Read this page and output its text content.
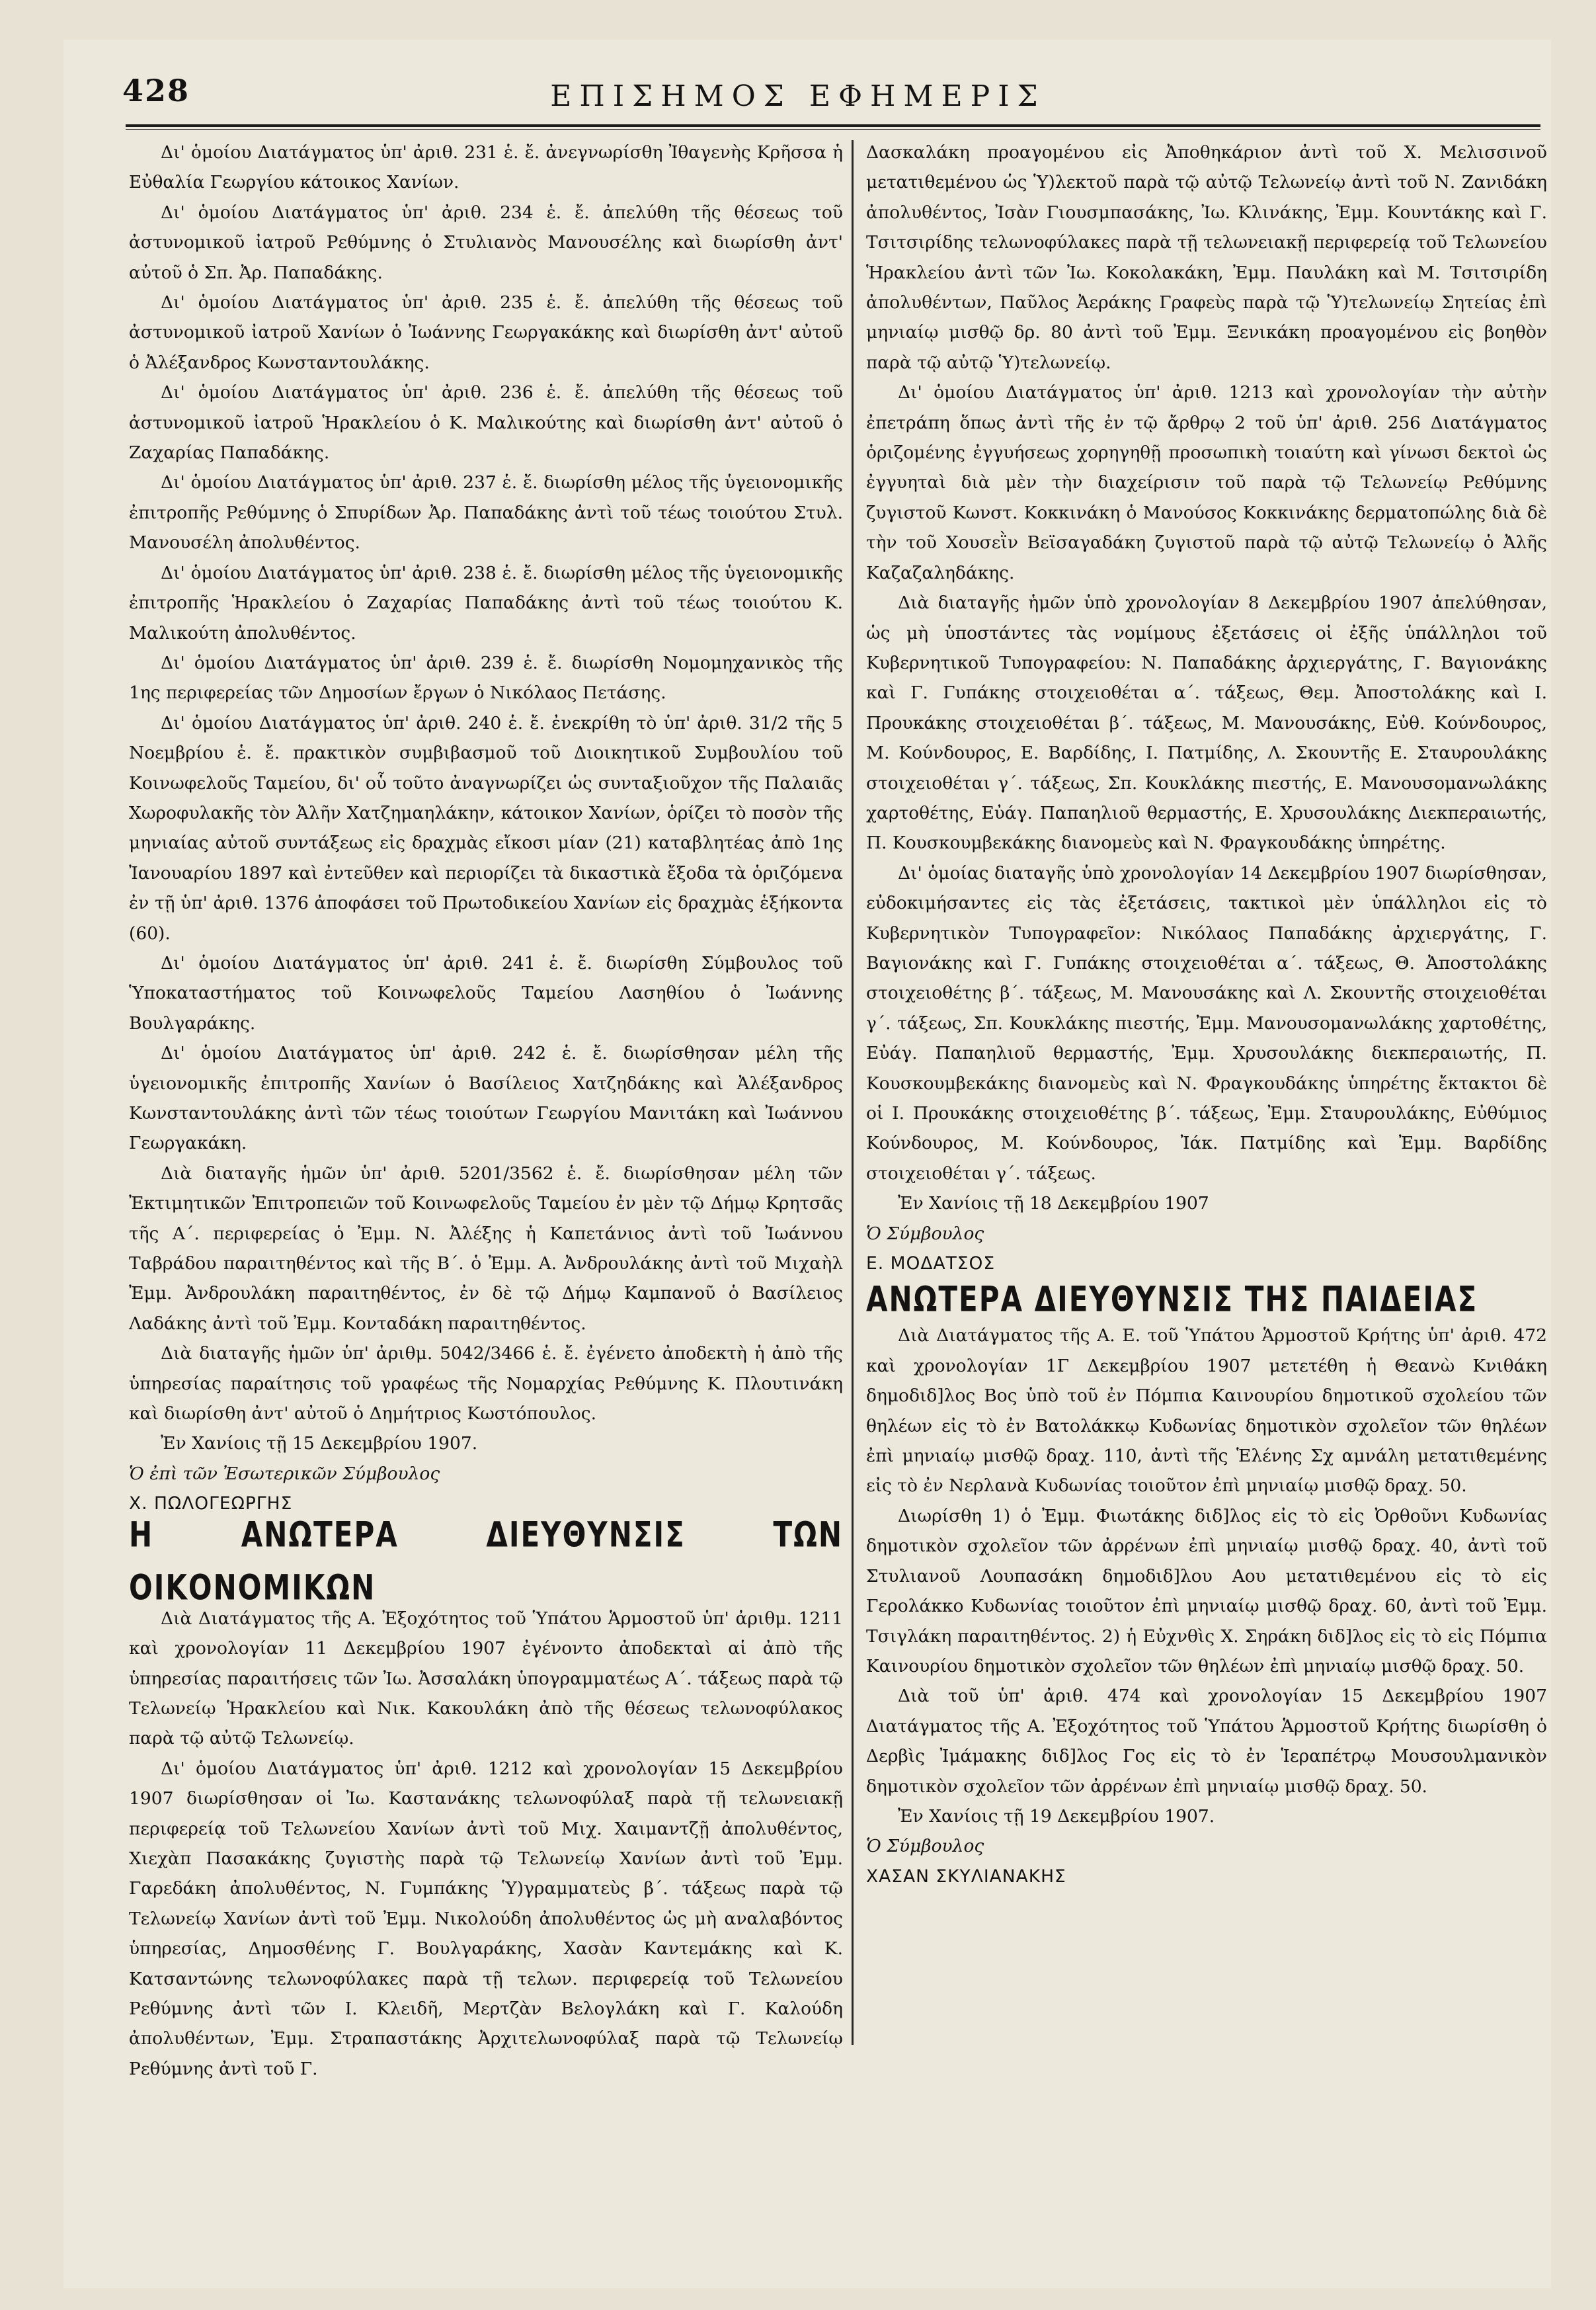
428	ΕΠΙΣΗΜΟΣ ΕΦΗΜΕΡΙΣ

Δι' ὁμοίου Διατάγματος ὑπ' ἀριθ. 231 ἑ. ἔ. ἀνεγνωρίσθη Ἰθαγενὴς Κρῆσσα ἡ Εὐθαλία Γεωργίου κάτοικος Χανίων.

Δι' ὁμοίου Διατάγματος ὑπ' ἀριθ. 234 ἑ. ἔ. ἀπελύθη τῆς θέσεως τοῦ ἀστυνομικοῦ ἰατροῦ Ρεθύμνης ὁ Στυλιανὸς Μανουσέλης καὶ διωρίσθη ἀντ' αὐτοῦ ὁ Σπ. Ἀρ. Παπαδάκης.

Δι' ὁμοίου Διατάγματος ὑπ' ἀριθ. 235 ἑ. ἔ. ἀπελύθη τῆς θέσεως τοῦ ἀστυνομικοῦ ἰατροῦ Χανίων ὁ Ἰωάννης Γεωργακάκης καὶ διωρίσθη ἀντ' αὐτοῦ ὁ Ἀλέξανδρος Κωνσταντουλάκης.

Δι' ὁμοίου Διατάγματος ὑπ' ἀριθ. 236 ἑ. ἔ. ἀπελύθη τῆς θέσεως τοῦ ἀστυνομικοῦ ἰατροῦ Ἡρακλείου ὁ Κ. Μαλικούτης καὶ διωρίσθη ἀντ' αὐτοῦ ὁ Ζαχαρίας Παπαδάκης.

Δι' ὁμοίου Διατάγματος ὑπ' ἀριθ. 237 ἑ. ἔ. διωρίσθη μέλος τῆς ὑγειονομικῆς ἐπιτροπῆς Ρεθύμνης ὁ Σπυρίδων Ἀρ. Παπαδάκης ἀντὶ τοῦ τέως τοιούτου Στυλ. Μανουσέλη ἀπολυθέντος.

Δι' ὁμοίου Διατάγματος ὑπ' ἀριθ. 238 ἑ. ἔ. διωρίσθη μέλος τῆς ὑγειονομικῆς ἐπιτροπῆς Ἡρακλείου ὁ Ζαχαρίας Παπαδάκης ἀντὶ τοῦ τέως τοιούτου Κ. Μαλικούτη ἀπολυθέντος.

Δι' ὁμοίου Διατάγματος ὑπ' ἀριθ. 239 ἑ. ἔ. διωρίσθη Νομομηχανικὸς τῆς 1ης περιφερείας τῶν Δημοσίων ἔργων ὁ Νικόλαος Πετάσης.

Δι' ὁμοίου Διατάγματος ὑπ' ἀριθ. 240 ἑ. ἔ. ἐνεκρίθη τὸ ὑπ' ἀριθ. 31/2 τῆς 5 Νοεμβρίου ἑ. ἔ. πρακτικὸν συμβιβασμοῦ τοῦ Διοικητικοῦ Συμβουλίου τοῦ Κοινωφελοῦς Ταμείου, δι' οὗ τοῦτο ἀναγνωρίζει ὡς συνταξιοῦχον τῆς Παλαιᾶς Χωροφυλακῆς τὸν Ἀλῆν Χατζημαηλάκην, κάτοικον Χανίων, ὁρίζει τὸ ποσὸν τῆς μηνιαίας αὐτοῦ συντάξεως εἰς δραχμὰς εἴκοσι μίαν (21) καταβλητέας ἀπὸ 1ης Ἰανουαρίου 1897 καὶ ἐντεῦθεν καὶ περιορίζει τὰ δικαστικὰ ἔξοδα τὰ ὁριζόμενα ἐν τῇ ὑπ' ἀριθ. 1376 ἀποφάσει τοῦ Πρωτοδικείου Χανίων εἰς δραχμὰς ἑξήκοντα (60).

Δι' ὁμοίου Διατάγματος ὑπ' ἀριθ. 241 ἑ. ἔ. διωρίσθη Σύμβουλος τοῦ Ὑποκαταστήματος τοῦ Κοινωφελοῦς Ταμείου Λασηθίου ὁ Ἰωάννης Βουλγαράκης.

Δι' ὁμοίου Διατάγματος ὑπ' ἀριθ. 242 ἑ. ἔ. διωρίσθησαν μέλη τῆς ὑγειονομικῆς ἐπιτροπῆς Χανίων ὁ Βασίλειος Χατζηδάκης καὶ Ἀλέξανδρος Κωνσταντουλάκης ἀντὶ τῶν τέως τοιούτων Γεωργίου Μανιτάκη καὶ Ἰωάννου Γεωργακάκη.

Διὰ διαταγῆς ἡμῶν ὑπ' ἀριθ. 5201/3562 ἑ. ἔ. διωρίσθησαν μέλη τῶν Ἐκτιμητικῶν Ἐπιτροπειῶν τοῦ Κοινωφελοῦς Ταμείου ἐν μὲν τῷ Δήμῳ Κρητσᾶς τῆς Α΄. περιφερείας ὁ Ἐμμ. Ν. Ἀλέξης ἡ Καπετάνιος ἀντὶ τοῦ Ἰωάννου Ταβράδου παραιτηθέντος καὶ τῆς Β΄. ὁ Ἐμμ. Α. Ἀνδρουλάκης ἀντὶ τοῦ Μιχαὴλ Ἐμμ. Ἀνδρουλάκη παραιτηθέντος, ἐν δὲ τῷ Δήμῳ Καμπανοῦ ὁ Βασίλειος Λαδάκης ἀντὶ τοῦ Ἐμμ. Κονταδάκη παραιτηθέντος.

Διὰ διαταγῆς ἡμῶν ὑπ' ἀριθμ. 5042/3466 ἑ. ἔ. ἐγένετο ἀποδεκτὴ ἡ ἀπὸ τῆς ὑπηρεσίας παραίτησις τοῦ γραφέως τῆς Νομαρχίας Ρεθύμνης Κ. Πλουτινάκη καὶ διωρίσθη ἀντ' αὐτοῦ ὁ Δημήτριος Κωστόπουλος.

Ἐν Χανίοις τῇ 15 Δεκεμβρίου 1907.

Ὁ ἐπὶ τῶν Ἐσωτερικῶν Σύμβουλος
Χ. ΠΩΛΟΓΕΩΡΓΗΣ

Η ΑΝΩΤΕΡΑ ΔΙΕΥΘΥΝΣΙΣ ΤΩΝ ΟΙΚΟΝΟΜΙΚΩΝ

Διὰ Διατάγματος τῆς Α. Ἐξοχότητος τοῦ Ὑπάτου Ἁρμοστοῦ ὑπ' ἀριθμ. 1211 καὶ χρονολογίαν 11 Δεκεμβρίου 1907 ἐγένοντο ἀποδεκταὶ αἱ ἀπὸ τῆς ὑπηρεσίας παραιτήσεις τῶν Ἰω. Ἀσσαλάκη ὑπογραμματέως Α΄. τάξεως παρὰ τῷ Τελωνείῳ Ἡρακλείου καὶ Νικ. Κακουλάκη ἀπὸ τῆς θέσεως τελωνοφύλακος παρὰ τῷ αὐτῷ Τελωνείῳ.

Δι' ὁμοίου Διατάγματος ὑπ' ἀριθ. 1212 καὶ χρονολογίαν 15 Δεκεμβρίου 1907 διωρίσθησαν οἱ Ἰω. Καστανάκης τελωνοφύλαξ παρὰ τῇ τελωνειακῇ περιφερείᾳ τοῦ Τελωνείου Χανίων ἀντὶ τοῦ Μιχ. Χαιμαντζῇ ἀπολυθέντος, Χιεχὰπ Πασακάκης ζυγιστὴς παρὰ τῷ Τελωνείῳ Χανίων ἀντὶ τοῦ Ἐμμ. Γαρεδάκη ἀπολυθέντος, Ν. Γυμπάκης Ὑ)γραμματεὺς β΄. τάξεως παρὰ τῷ Τελωνείῳ Χανίων ἀντὶ τοῦ Ἐμμ. Νικολούδη ἀπολυθέντος ὡς μὴ αναλαβόντος ὑπηρεσίας, Δημοσθένης Γ. Βουλγαράκης, Χασὰν Καντεμάκης καὶ Κ. Κατσαντώνης τελωνοφύλακες παρὰ τῇ τελων. περιφερείᾳ τοῦ Τελωνείου Ρεθύμνης ἀντὶ τῶν Ι. Κλειδῆ, Μερτζὰν Βελογλάκη καὶ Γ. Καλούδη ἀπολυθέντων, Ἐμμ. Στραπαστάκης Ἀρχιτελωνοφύλαξ παρὰ τῷ Τελωνείῳ Ρεθύμνης ἀντὶ τοῦ Γ.

Δασκαλάκη προαγομένου εἰς Ἀποθηκάριον ἀντὶ τοῦ Χ. Μελισσινοῦ μετατιθεμένου ὡς Ὑ)λεκτοῦ παρὰ τῷ αὐτῷ Τελωνείῳ ἀντὶ τοῦ Ν. Ζανιδάκη ἀπολυθέντος, Ἰσὰν Γιουσμπασάκης, Ἰω. Κλινάκης, Ἐμμ. Κουντάκης καὶ Γ. Τσιτσιρίδης τελωνοφύλακες παρὰ τῇ τελωνειακῇ περιφερείᾳ τοῦ Τελωνείου Ἡρακλείου ἀντὶ τῶν Ἰω. Κοκολακάκη, Ἐμμ. Παυλάκη καὶ Μ. Τσιτσιρίδη ἀπολυθέντων, Παῦλος Ἀεράκης Γραφεὺς παρὰ τῷ Ὑ)τελωνείῳ Σητείας ἐπὶ μηνιαίῳ μισθῷ δρ. 80 ἀντὶ τοῦ Ἐμμ. Ξενικάκη προαγομένου εἰς βοηθὸν παρὰ τῷ αὐτῷ Ὑ)τελωνείῳ.

Δι' ὁμοίου Διατάγματος ὑπ' ἀριθ. 1213 καὶ χρονολογίαν τὴν αὐτὴν ἐπετράπη ὅπως ἀντὶ τῆς ἐν τῷ ἄρθρῳ 2 τοῦ ὑπ' ἀριθ. 256 Διατάγματος ὁριζομένης ἐγγυήσεως χορηγηθῇ προσωπικὴ τοιαύτη καὶ γίνωσι δεκτοὶ ὡς ἐγγυηταὶ διὰ μὲν τὴν διαχείρισιν τοῦ παρὰ τῷ Τελωνείῳ Ρεθύμνης ζυγιστοῦ Κωνστ. Κοκκινάκη ὁ Μανούσος Κοκκινάκης δερματοπώλης διὰ δὲ τὴν τοῦ Χουσεῒν Βεϊσαγαδάκη ζυγιστοῦ παρὰ τῷ αὐτῷ Τελωνείῳ ὁ Ἀλῆς Καζαζαληδάκης.

Διὰ διαταγῆς ἡμῶν ὑπὸ χρονολογίαν 8 Δεκεμβρίου 1907 ἀπελύθησαν, ὡς μὴ ὑποστάντες τὰς νομίμους ἐξετάσεις οἱ ἐξῆς ὑπάλληλοι τοῦ Κυβερνητικοῦ Τυπογραφείου: Ν. Παπαδάκης ἀρχιεργάτης, Γ. Βαγιονάκης καὶ Γ. Γυπάκης στοιχειοθέται α΄. τάξεως, Θεμ. Ἀποστολάκης καὶ Ι. Προυκάκης στοιχειοθέται β΄. τάξεως, Μ. Μανουσάκης, Εὐθ. Κούνδουρος, Μ. Κούνδουρος, Ε. Βαρδίδης, Ι. Πατμίδης, Λ. Σκουντῆς Ε. Σταυρουλάκης στοιχειοθέται γ΄. τάξεως, Σπ. Κουκλάκης πιεστής, Ε. Μανουσομανωλάκης χαρτοθέτης, Εὐάγ. Παπαηλιοῦ θερμαστής, Ε. Χρυσουλάκης Διεκπεραιωτής, Π. Κουσκουμβεκάκης διανομεὺς καὶ Ν. Φραγκουδάκης ὑπηρέτης.

Δι' ὁμοίας διαταγῆς ὑπὸ χρονολογίαν 14 Δεκεμβρίου 1907 διωρίσθησαν, εὐδοκιμήσαντες εἰς τὰς ἐξετάσεις, τακτικοὶ μὲν ὑπάλληλοι εἰς τὸ Κυβερνητικὸν Τυπογραφεῖον: Νικόλαος Παπαδάκης ἀρχιεργάτης, Γ. Βαγιονάκης καὶ Γ. Γυπάκης στοιχειοθέται α΄. τάξεως, Θ. Ἀποστολάκης στοιχειοθέτης β΄. τάξεως, Μ. Μανουσάκης καὶ Λ. Σκουντῆς στοιχειοθέται γ΄. τάξεως, Σπ. Κουκλάκης πιεστής, Ἐμμ. Μανουσομανωλάκης χαρτοθέτης, Εὐάγ. Παπαηλιοῦ θερμαστής, Ἐμμ. Χρυσουλάκης διεκπεραιωτής, Π. Κουσκουμβεκάκης διανομεὺς καὶ Ν. Φραγκουδάκης ὑπηρέτης ἔκτακτοι δὲ οἱ Ι. Προυκάκης στοιχειοθέτης β΄. τάξεως, Ἐμμ. Σταυρουλάκης, Εὐθύμιος Κούνδουρος, Μ. Κούνδουρος, Ἰάκ. Πατμίδης καὶ Ἐμμ. Βαρδίδης στοιχειοθέται γ΄. τάξεως.

Ἐν Χανίοις τῇ 18 Δεκεμβρίου 1907

Ὁ Σύμβουλος
Ε. ΜΟΔΑΤΣΟΣ

ΑΝΩΤΕΡΑ ΔΙΕΥΘΥΝΣΙΣ ΤΗΣ ΠΑΙΔΕΙΑΣ

Διὰ Διατάγματος τῆς Α. Ε. τοῦ Ὑπάτου Ἁρμοστοῦ Κρήτης ὑπ' ἀριθ. 472 καὶ χρονολογίαν 1Γ Δεκεμβρίου 1907 μετετέθη ἡ Θεανὼ Κνιθάκη δημοδιδ]λος Βος ὑπὸ τοῦ ἐν Πόμπια Καινουρίου δημοτικοῦ σχολείου τῶν θηλέων εἰς τὸ ἐν Βατολάκκῳ Κυδωνίας δημοτικὸν σχολεῖον τῶν θηλέων ἐπὶ μηνιαίῳ μισθῷ δραχ. 110, ἀντὶ τῆς Ἑλένης Σχ αμνάλη μετατιθεμένης εἰς τὸ ἐν Νερλανὰ Κυδωνίας τοιοῦτον ἐπὶ μηνιαίῳ μισθῷ δραχ. 50.

Διωρίσθη 1) ὁ Ἐμμ. Φιωτάκης διδ]λος εἰς τὸ εἰς Ὀρθοῦνι Κυδωνίας δημοτικὸν σχολεῖον τῶν ἀρρένων ἐπὶ μηνιαίῳ μισθῷ δραχ. 40, ἀντὶ τοῦ Στυλιανοῦ Λουπασάκη δημοδιδ]λου Αου μετατιθεμένου εἰς τὸ εἰς Γερολάκκο Κυδωνίας τοιοῦτον ἐπὶ μηνιαίῳ μισθῷ δραχ. 60, ἀντὶ τοῦ Ἐμμ. Τσιγλάκη παραιτηθέντος. 2) ἡ Εὐχνθὶς Χ. Σηράκη διδ]λος εἰς τὸ εἰς Πόμπια Καινουρίου δημοτικὸν σχολεῖον τῶν θηλέων ἐπὶ μηνιαίῳ μισθῷ δραχ. 50.

Διὰ τοῦ ὑπ' ἀριθ. 474 καὶ χρονολογίαν 15 Δεκεμβρίου 1907 Διατάγματος τῆς Α. Ἐξοχότητος τοῦ Ὑπάτου Ἁρμοστοῦ Κρήτης διωρίσθη ὁ Δερβὶς Ἰμάμακης διδ]λος Γος εἰς τὸ ἐν Ἱεραπέτρῳ Μουσουλμανικὸν δημοτικὸν σχολεῖον τῶν ἀρρένων ἐπὶ μηνιαίῳ μισθῷ δραχ. 50.

Ἐν Χανίοις τῇ 19 Δεκεμβρίου 1907.

Ὁ Σύμβουλος
ΧΑΣΑΝ ΣΚΥΛΙΑΝΑΚΗΣ
